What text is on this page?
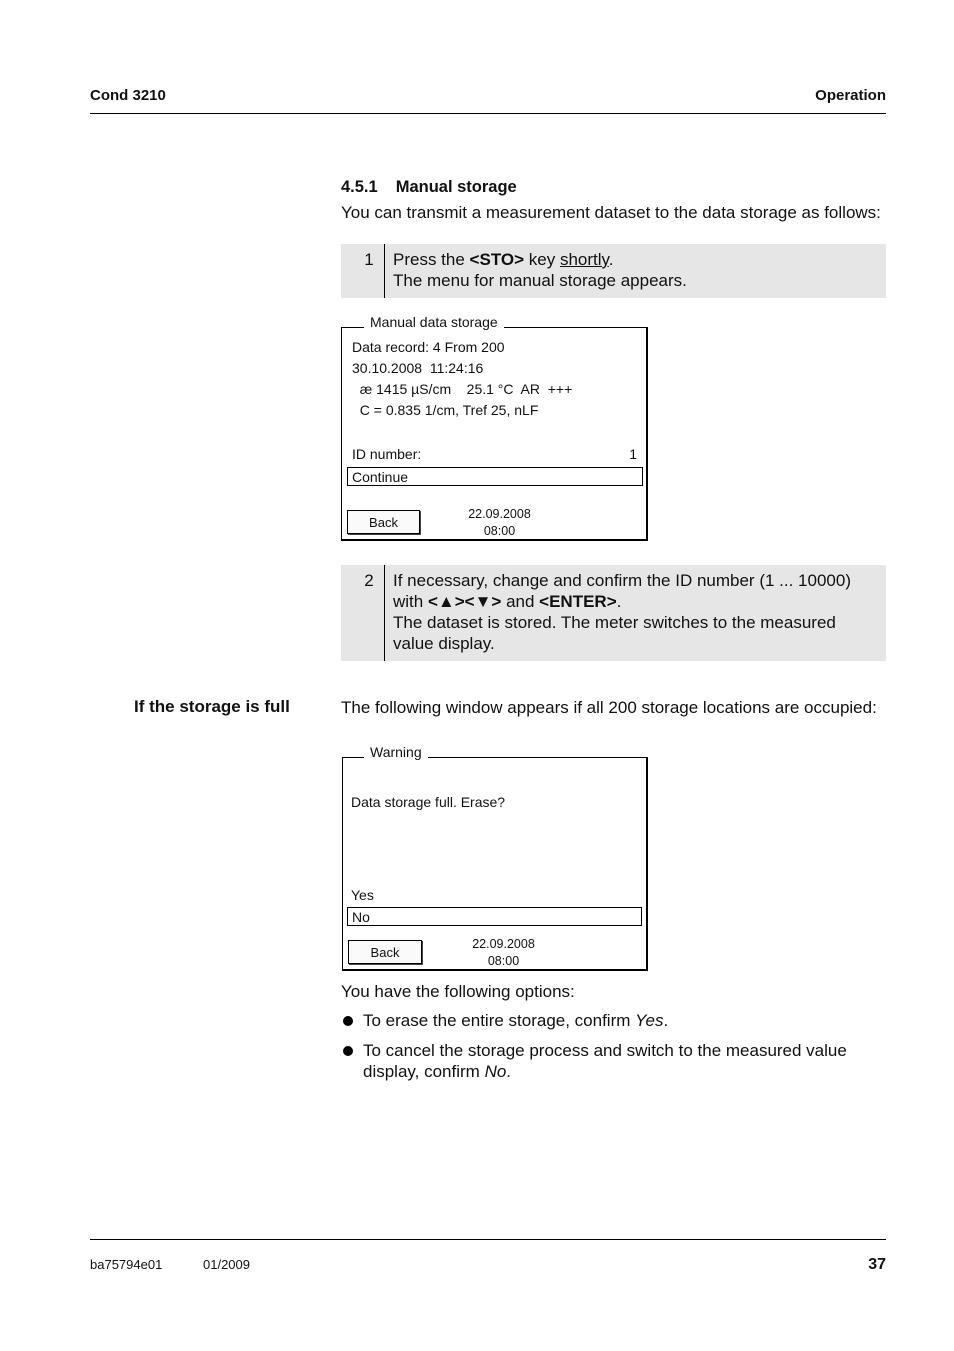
Cond 3210	Operation
4.5.1 Manual storage
You can transmit a measurement dataset to the data storage as follows:
1	Press the <STO> key shortly.
The menu for manual storage appears.
Manual data storage
Data record: 4 From 200
30.10.2008  11:24:16
æ 1415 µS/cm    25.1 °C  AR  +++
C = 0.835 1/cm, Tref 25, nLF
ID number:	1
Continue
Back
22.09.2008
08:00
2	If necessary, change and confirm the ID number (1 ... 10000)
with <▲><▼> and <ENTER>.
The dataset is stored. The meter switches to the measured value display.
If the storage is full	The following window appears if all 200 storage locations are occupied:
Warning
Data storage full. Erase?
Yes
No
Back
22.09.2008
08:00
You have the following options:
To erase the entire storage, confirm Yes.
To cancel the storage process and switch to the measured value display, confirm No.
ba75794e01	01/2009	37
